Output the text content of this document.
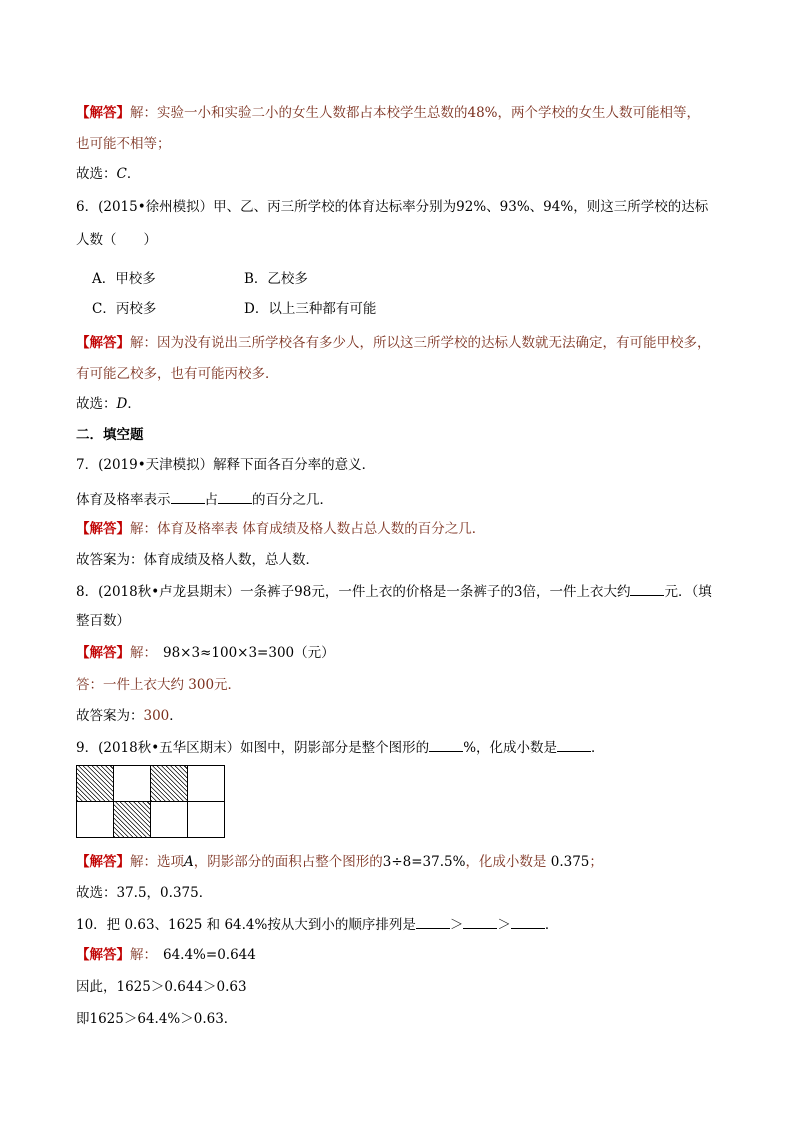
【解答】解：实验一小和实验二小的女生人数都占本校学生总数的48%，两个学校的女生人数可能相等，
也可能不相等；
故选：C．
6．(2015•徐州模拟）甲、乙、丙三所学校的体育达标率分别为92%、93%、94%，则这三所学校的达标
人数（　　）
A．甲校多	B．乙校多
C．丙校多	D．以上三种都有可能
【解答】解：因为没有说出三所学校各有多少人，所以这三所学校的达标人数就无法确定，有可能甲校多，
有可能乙校多，也有可能丙校多．
故选：D．
二．填空题
7．(2019•天津模拟）解释下面各百分率的意义．
体育及格率表示	占	的百分之几．
【解答】解：体育及格率表 体育成绩及格人数占总人数的百分之几．
故答案为：体育成绩及格人数，总人数．
8．(2018秋•卢龙县期末）一条裤子98元，一件上衣的价格是一条裤子的3倍，一件上衣大约	元．（填
整百数）
【解答】解： 98×3≈100×3=300（元）
答：一件上衣大约 300元．
故答案为：300．
9．(2018秋•五华区期末）如图中，阴影部分是整个图形的	%，化成小数是	．
【解答】解：选项A，阴影部分的面积占整个图形的3÷8=37.5%，化成小数是 0.375；
故选：37.5，0.375．
10．把 0.63、1625 和 64.4%按从大到小的顺序排列是	＞	＞	．
【解答】解： 64.4%=0.644
因此，1625＞0.644＞0.63
即1625＞64.4%＞0.63．
